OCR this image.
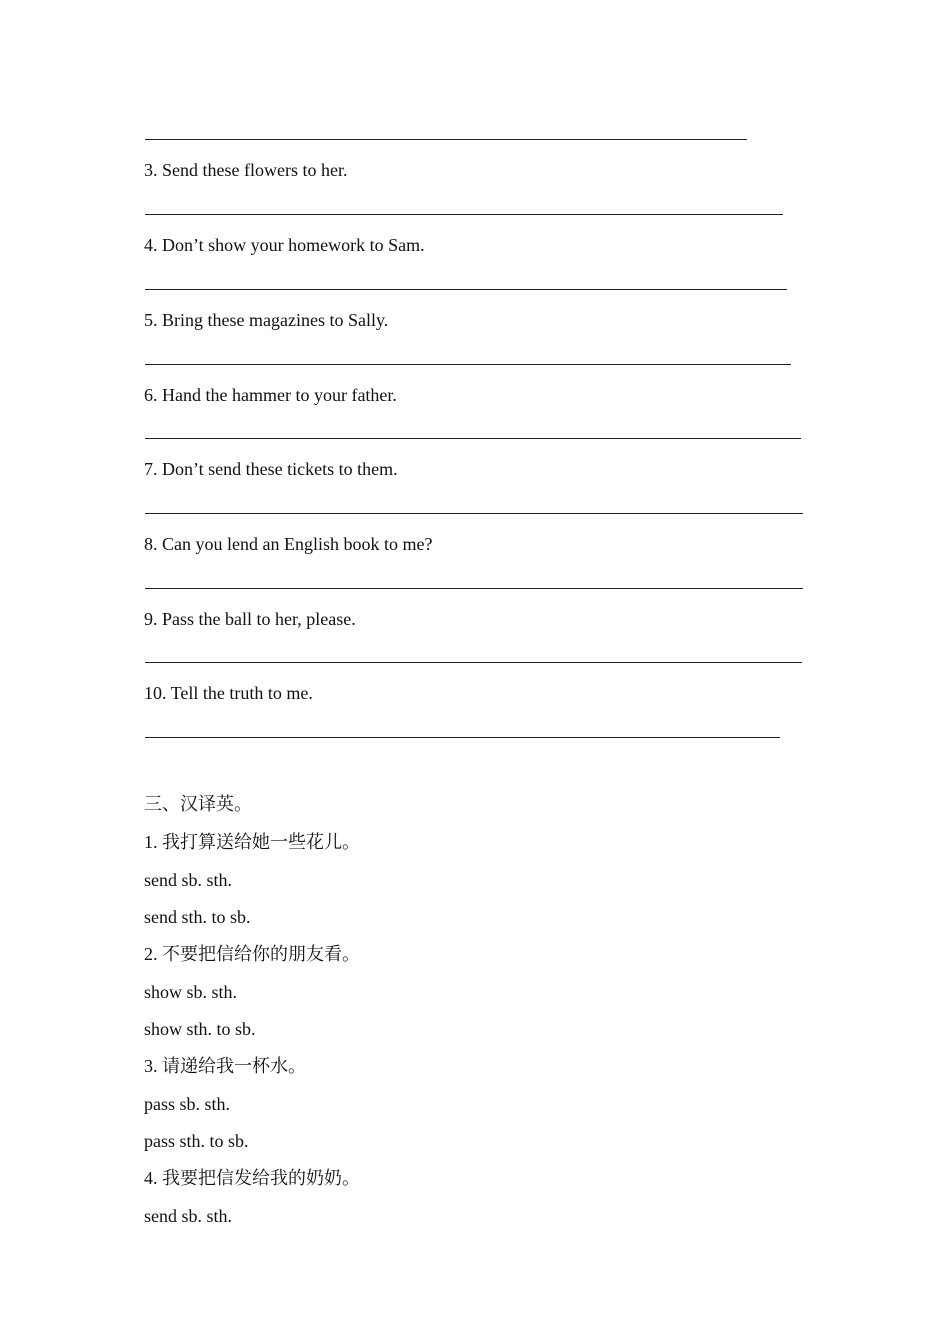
3. Send these flowers to her.
4. Don’t show your homework to Sam.
5. Bring these magazines to Sally.
6. Hand the hammer to your father.
7. Don’t send these tickets to them.
8. Can you lend an English book to me?
9. Pass the ball to her, please.
10. Tell the truth to me.
三、汉译英。
1. 我打算送给她一些花儿。
send sb. sth.
send sth. to sb.
2. 不要把信给你的朋友看。
show sb. sth.
show sth. to sb.
3. 请递给我一杯水。
pass sb. sth.
pass sth. to sb.
4. 我要把信发给我的奶奶。
send sb. sth.
